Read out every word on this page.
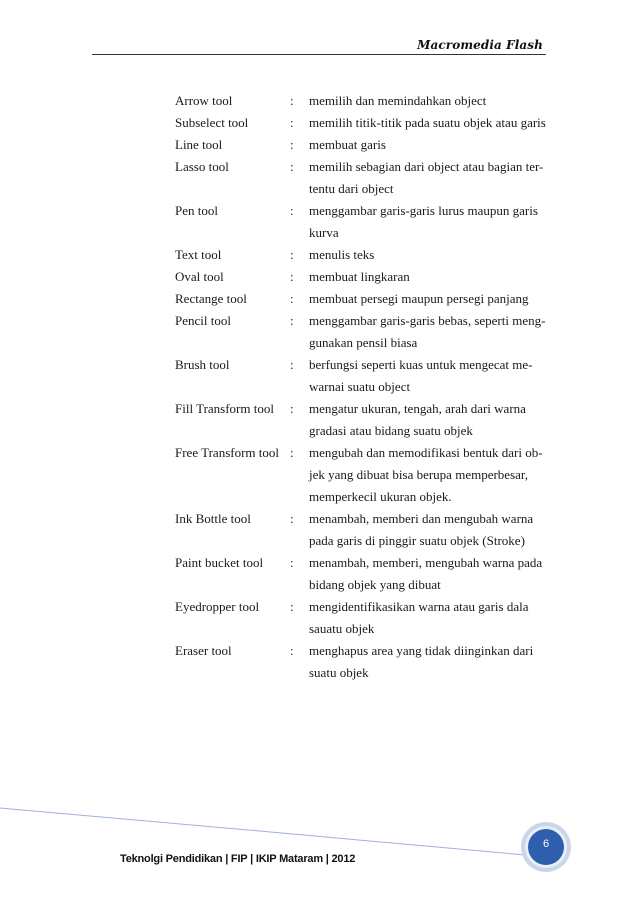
Macromedia Flash
Arrow tool	:	memilih dan memindahkan object
Subselect tool	:	memilih titik-titik pada suatu objek atau garis
Line tool	:	membuat garis
Lasso tool	:	memilih sebagian dari object atau bagian ter-
tentu dari object
Pen tool	:	menggambar garis-garis lurus maupun garis
kurva
Text tool	:	menulis teks
Oval tool	:	membuat lingkaran
Rectange tool	:	membuat persegi maupun persegi panjang
Pencil tool	:	menggambar garis-garis bebas, seperti meng-
gunakan pensil biasa
Brush tool	:	berfungsi seperti kuas untuk mengecat me-
warnai suatu object
Fill Transform tool	:	mengatur ukuran, tengah, arah dari warna
gradasi atau bidang suatu objek
Free Transform tool :	mengubah dan memodifikasi bentuk dari ob-
jek yang dibuat bisa berupa memperbesar,
memperkecil ukuran objek.
Ink Bottle tool	:	menambah, memberi dan mengubah warna
pada garis di pinggir suatu objek (Stroke)
Paint bucket tool	:	menambah, memberi, mengubah warna pada
bidang objek yang dibuat
Eyedropper tool	:	mengidentifikasikan warna atau garis dala
sauatu objek
Eraser tool	:	menghapus area yang tidak diinginkan dari
suatu objek
Teknolgi Pendidikan | FIP | IKIP Mataram | 2012
6
